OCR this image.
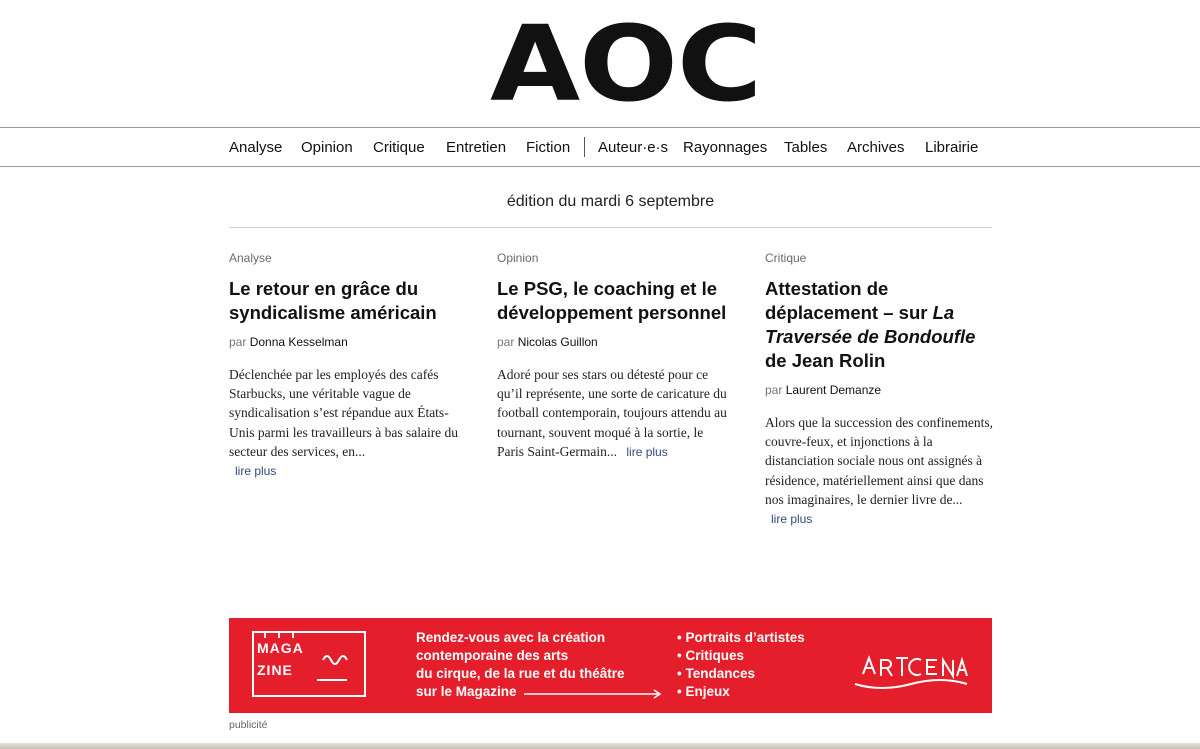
AOC
Analyse Opinion Critique Entretien Fiction Auteur·e·s Rayonnages Tables Archives Librairie
édition du mardi 6 septembre
Analyse
Le retour en grâce du syndicalisme américain
par Donna Kesselman

Déclenchée par les employés des cafés Starbucks, une véritable vague de syndicalisation s’est répandue aux États-Unis parmi les travailleurs à bas salaire du secteur des services, en...
lire plus

Opinion
Le PSG, le coaching et le développement personnel
par Nicolas Guillon

Adoré pour ses stars ou détesté pour ce qu’il représente, une sorte de caricature du football contemporain, toujours attendu au tournant, souvent moqué à la sortie, le Paris Saint-Germain... lire plus

Critique
Attestation de déplacement – sur La Traversée de Bondoufle de Jean Rolin
par Laurent Demanze

Alors que la succession des confinements, couvre-feux, et injonctions à la distanciation sociale nous ont assignés à résidence, matériellement ainsi que dans nos imaginaires, le dernier livre de...
lire plus

MAGA
ZINE
Rendez-vous avec la création
contemporaine des arts
du cirque, de la rue et du théâtre
sur le Magazine
• Portraits d’artistes
• Critiques
• Tendances
• Enjeux
publicité
